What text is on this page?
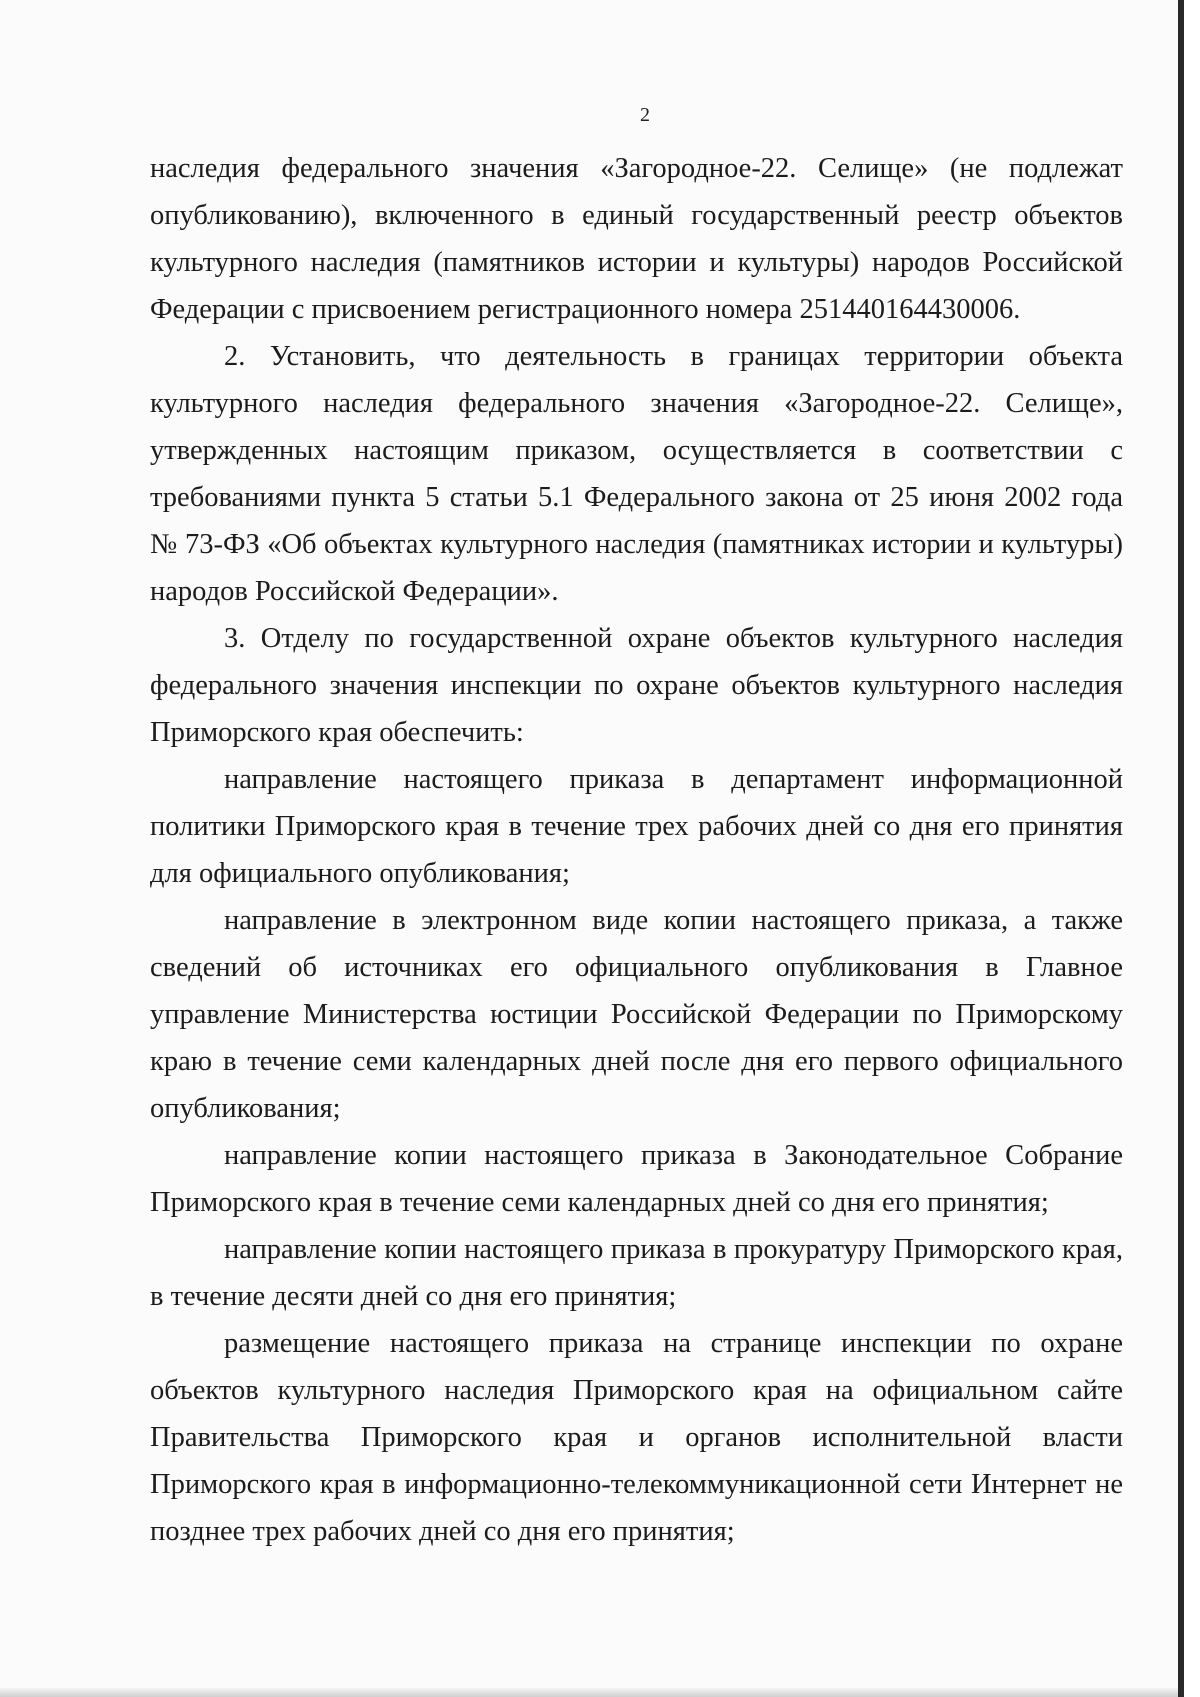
2

наследия федерального значения «Загородное-22. Селище» (не подлежат опубликованию), включенного в единый государственный реестр объектов культурного наследия (памятников истории и культуры) народов Российской Федерации с присвоением регистрационного номера 251440164430006.

2. Установить, что деятельность в границах территории объекта культурного наследия федерального значения «Загородное-22. Селище», утвержденных настоящим приказом, осуществляется в соответствии с требованиями пункта 5 статьи 5.1 Федерального закона от 25 июня 2002 года № 73-ФЗ «Об объектах культурного наследия (памятниках истории и культуры) народов Российской Федерации».

3. Отделу по государственной охране объектов культурного наследия федерального значения инспекции по охране объектов культурного наследия Приморского края обеспечить:

направление настоящего приказа в департамент информационной политики Приморского края в течение трех рабочих дней со дня его принятия для официального опубликования;

направление в электронном виде копии настоящего приказа, а также сведений об источниках его официального опубликования в Главное управление Министерства юстиции Российской Федерации по Приморскому краю в течение семи календарных дней после дня его первого официального опубликования;

направление копии настоящего приказа в Законодательное Собрание Приморского края в течение семи календарных дней со дня его принятия;

направление копии настоящего приказа в прокуратуру Приморского края, в течение десяти дней со дня его принятия;

размещение настоящего приказа на странице инспекции по охране объектов культурного наследия Приморского края на официальном сайте Правительства Приморского края и органов исполнительной власти Приморского края в информационно-телекоммуникационной сети Интернет не позднее трех рабочих дней со дня его принятия;
